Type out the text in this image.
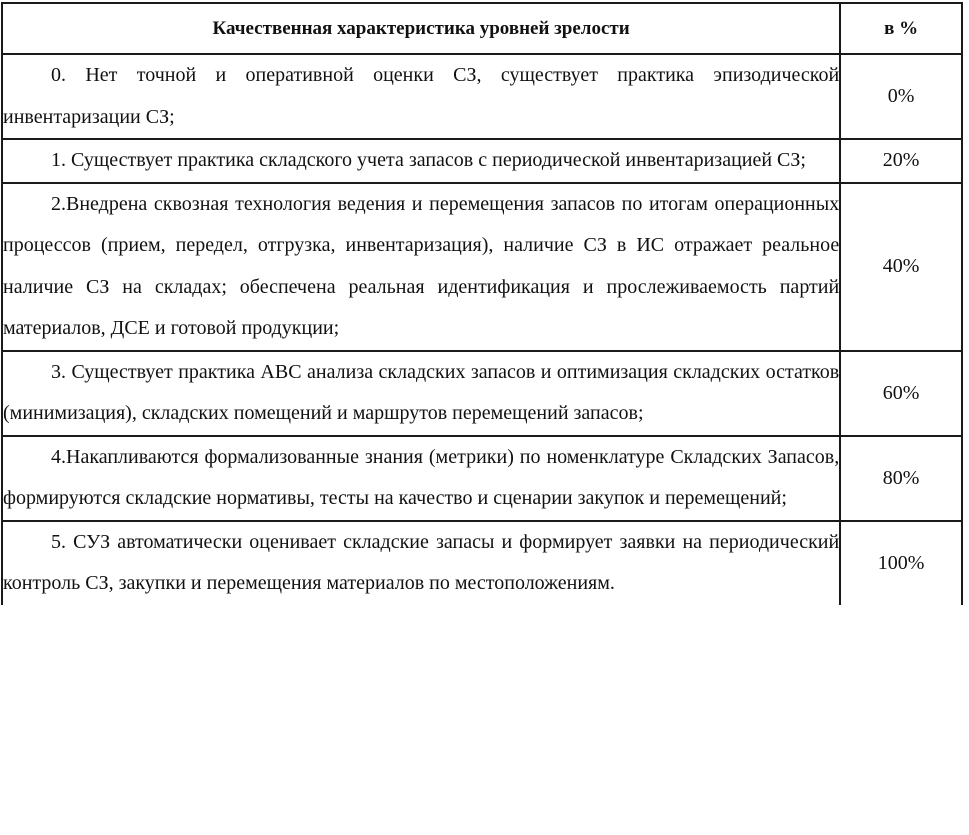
Качественная характеристика уровней зрелости	в %

0. Нет точной и оперативной оценки СЗ, существует практика эпизодической инвентаризации СЗ;	0%

1. Существует практика складского учета запасов с периодической инвентаризацией СЗ;	20%

2.Внедрена сквозная технология ведения и перемещения запасов по итогам операционных процессов (прием, передел, отгрузка, инвентаризация), наличие СЗ в ИС отражает реальное наличие СЗ на складах; обеспечена реальная идентификация и прослеживаемость партий материалов, ДСЕ и готовой продукции;	40%

3. Существует практика АВС анализа складских запасов и оптимизация складских остатков (минимизация), складских помещений и маршрутов перемещений запасов;	60%

4.Накапливаются формализованные знания (метрики) по номенклатуре Складских Запасов, формируются складские нормативы, тесты на качество и сценарии закупок и перемещений;	80%

5. СУЗ автоматически оценивает складские запасы и формирует заявки на периодический контроль СЗ, закупки и перемещения материалов по местоположениям.	100%
